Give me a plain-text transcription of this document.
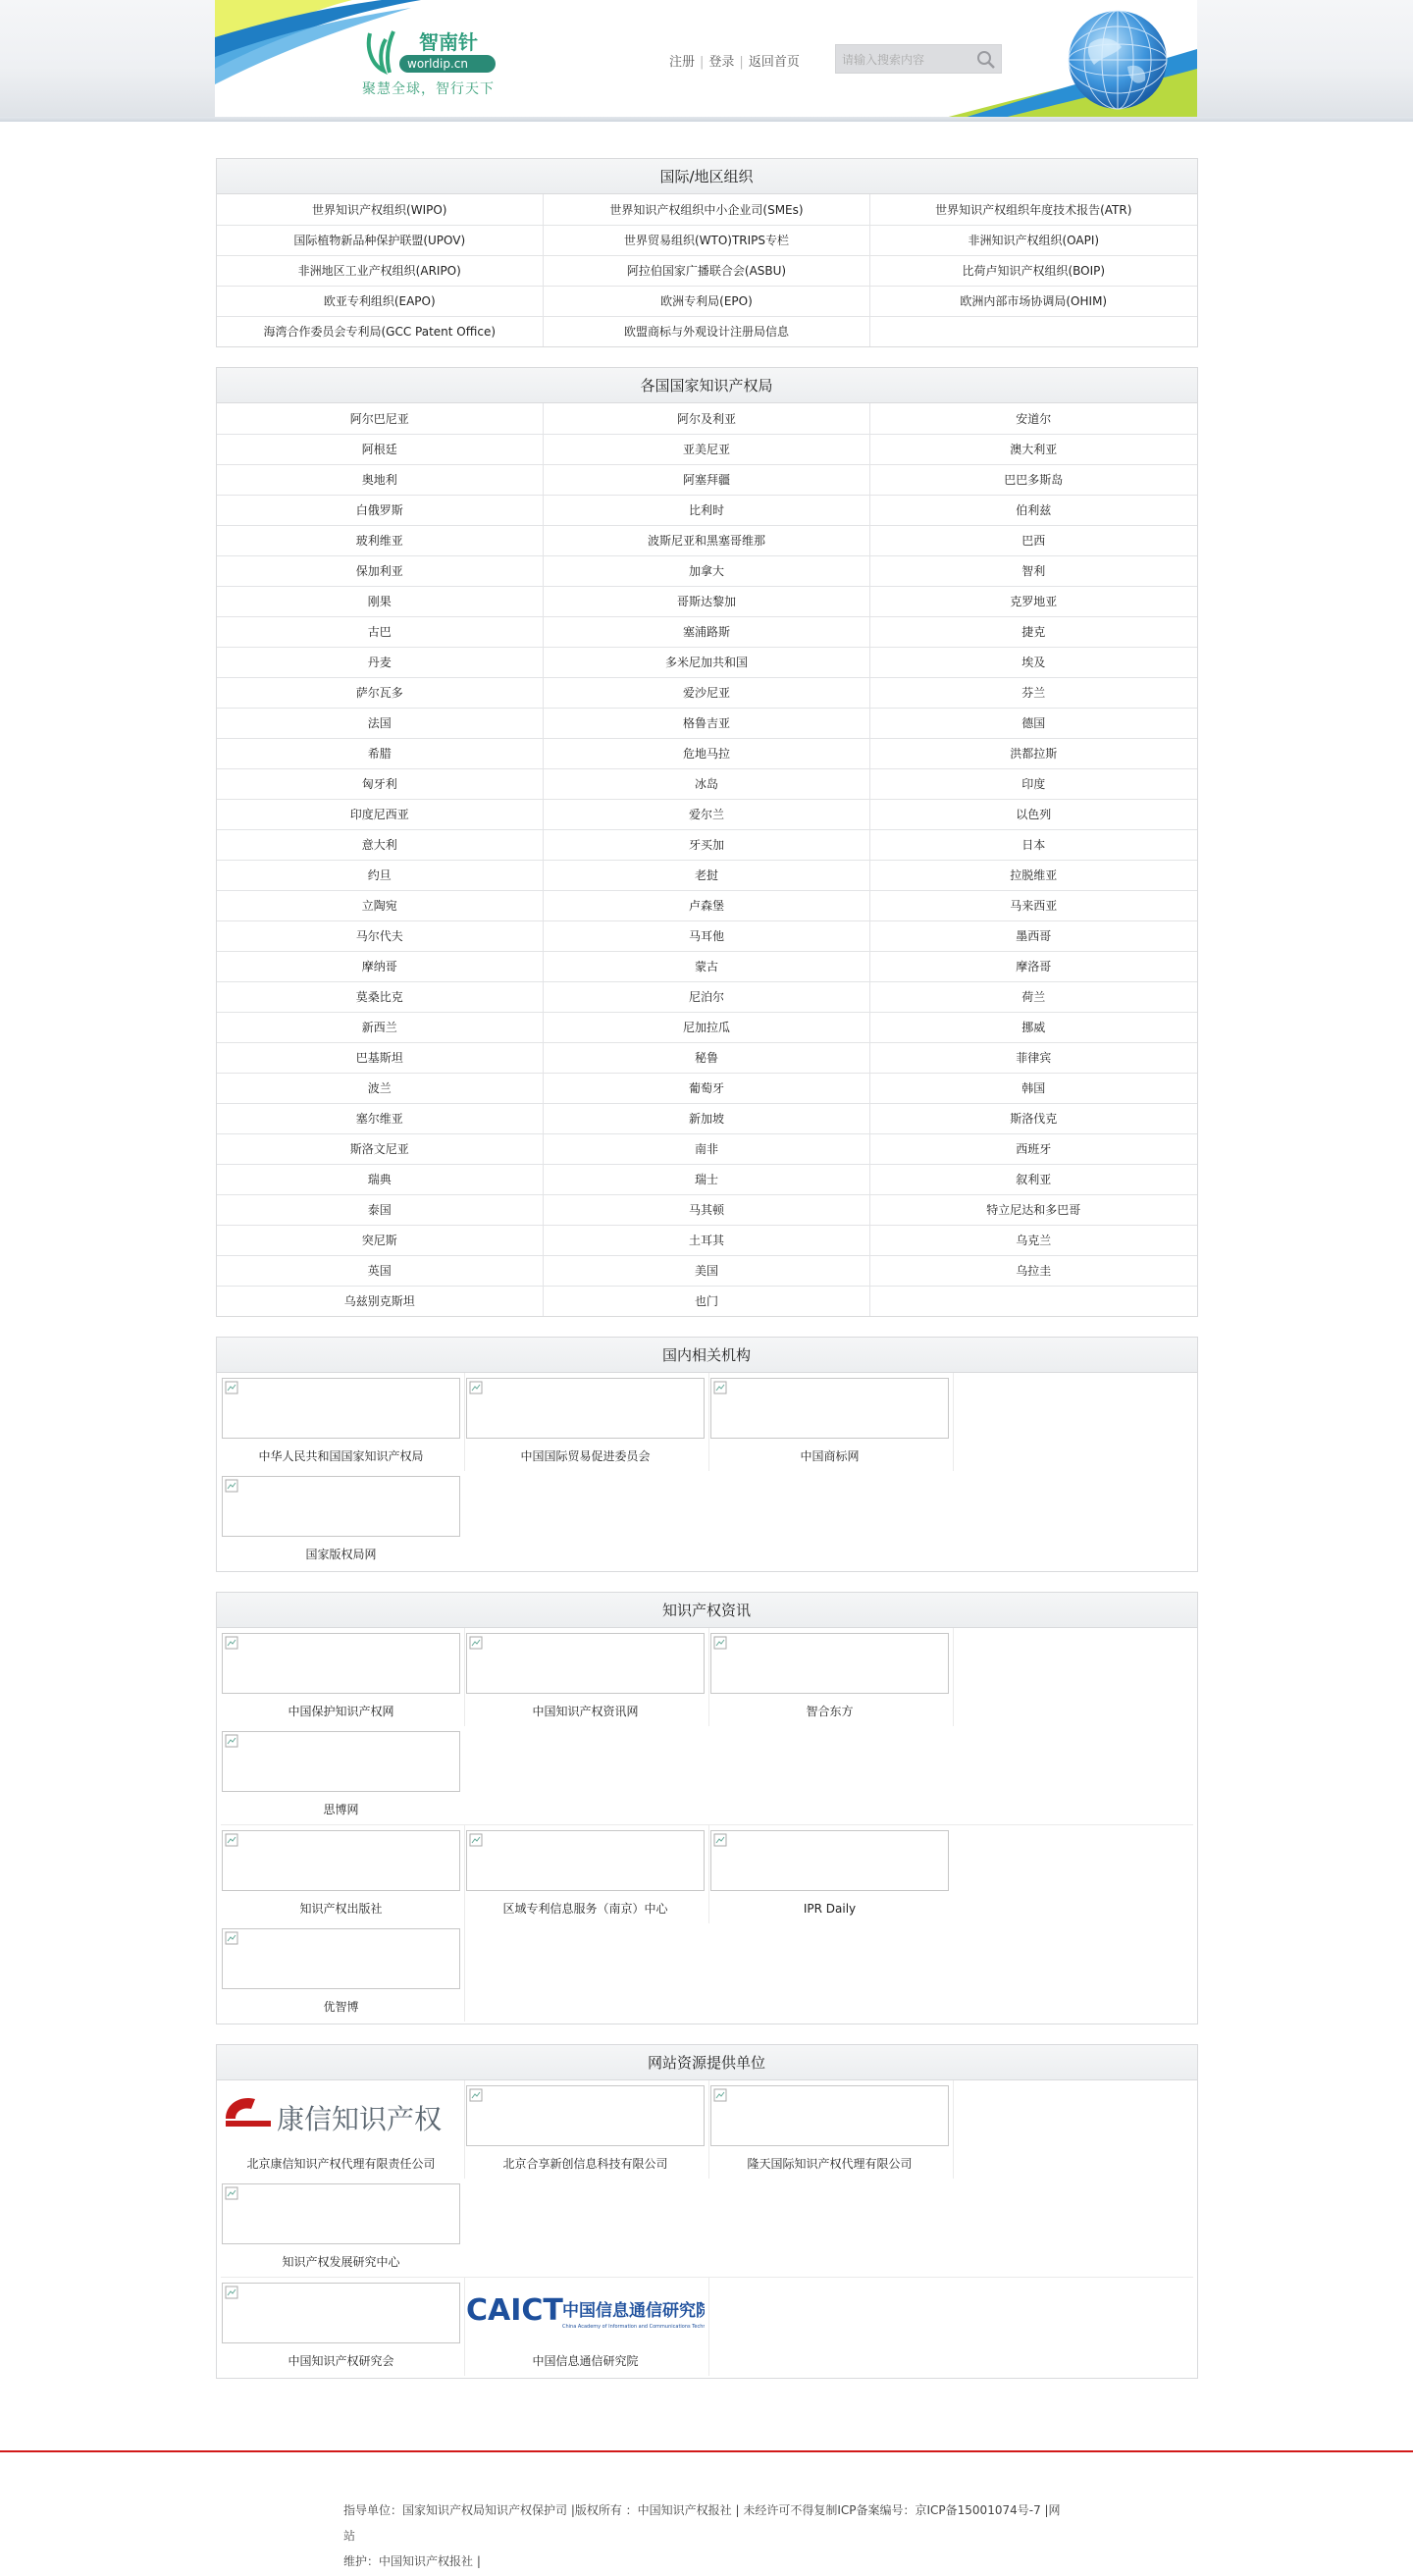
worldip.cn
智南针
聚慧全球，智行天下
注册 | 登录 | 返回首页
请输入搜索内容
国际/地区组织
世界知识产权组织(WIPO)	世界知识产权组织中小企业司(SMEs)	世界知识产权组织年度技术报告(ATR)
国际植物新品种保护联盟(UPOV)	世界贸易组织(WTO)TRIPS专栏	非洲知识产权组织(OAPI)
非洲地区工业产权组织(ARIPO)	阿拉伯国家广播联合会(ASBU)	比荷卢知识产权组织(BOIP)
欧亚专利组织(EAPO)	欧洲专利局(EPO)	欧洲内部市场协调局(OHIM)
海湾合作委员会专利局(GCC Patent Office)	欧盟商标与外观设计注册局信息	
各国国家知识产权局
阿尔巴尼亚	阿尔及利亚	安道尔
阿根廷	亚美尼亚	澳大利亚
奥地利	阿塞拜疆	巴巴多斯岛
白俄罗斯	比利时	伯利兹
玻利维亚	波斯尼亚和黑塞哥维那	巴西
保加利亚	加拿大	智利
刚果	哥斯达黎加	克罗地亚
古巴	塞浦路斯	捷克
丹麦	多米尼加共和国	埃及
萨尔瓦多	爱沙尼亚	芬兰
法国	格鲁吉亚	德国
希腊	危地马拉	洪都拉斯
匈牙利	冰岛	印度
印度尼西亚	爱尔兰	以色列
意大利	牙买加	日本
约旦	老挝	拉脱维亚
立陶宛	卢森堡	马来西亚
马尔代夫	马耳他	墨西哥
摩纳哥	蒙古	摩洛哥
莫桑比克	尼泊尔	荷兰
新西兰	尼加拉瓜	挪威
巴基斯坦	秘鲁	菲律宾
波兰	葡萄牙	韩国
塞尔维亚	新加坡	斯洛伐克
斯洛文尼亚	南非	西班牙
瑞典	瑞士	叙利亚
泰国	马其顿	特立尼达和多巴哥
突尼斯	土耳其	乌克兰
英国	美国	乌拉圭
乌兹别克斯坦	也门	
国内相关机构
中华人民共和国国家知识产权局	中国国际贸易促进委员会	中国商标网
国家版权局网
知识产权资讯
中国保护知识产权网	中国知识产权资讯网	智合东方
思博网
知识产权出版社	区域专利信息服务（南京）中心	IPR Daily
优智博
网站资源提供单位
康信知识产权
北京康信知识产权代理有限责任公司	北京合享新创信息科技有限公司	隆天国际知识产权代理有限公司
知识产权发展研究中心
中国知识产权研究会
CAICT 中国信息通信研究院
China Academy of Information and Communications Technology
中国信息通信研究院

指导单位：国家知识产权局知识产权保护司 |版权所有 ：中国知识产权报社 | 未经许可不得复制ICP备案编号：京ICP备15001074号-7 |网站

维护：中国知识产权报社 |
